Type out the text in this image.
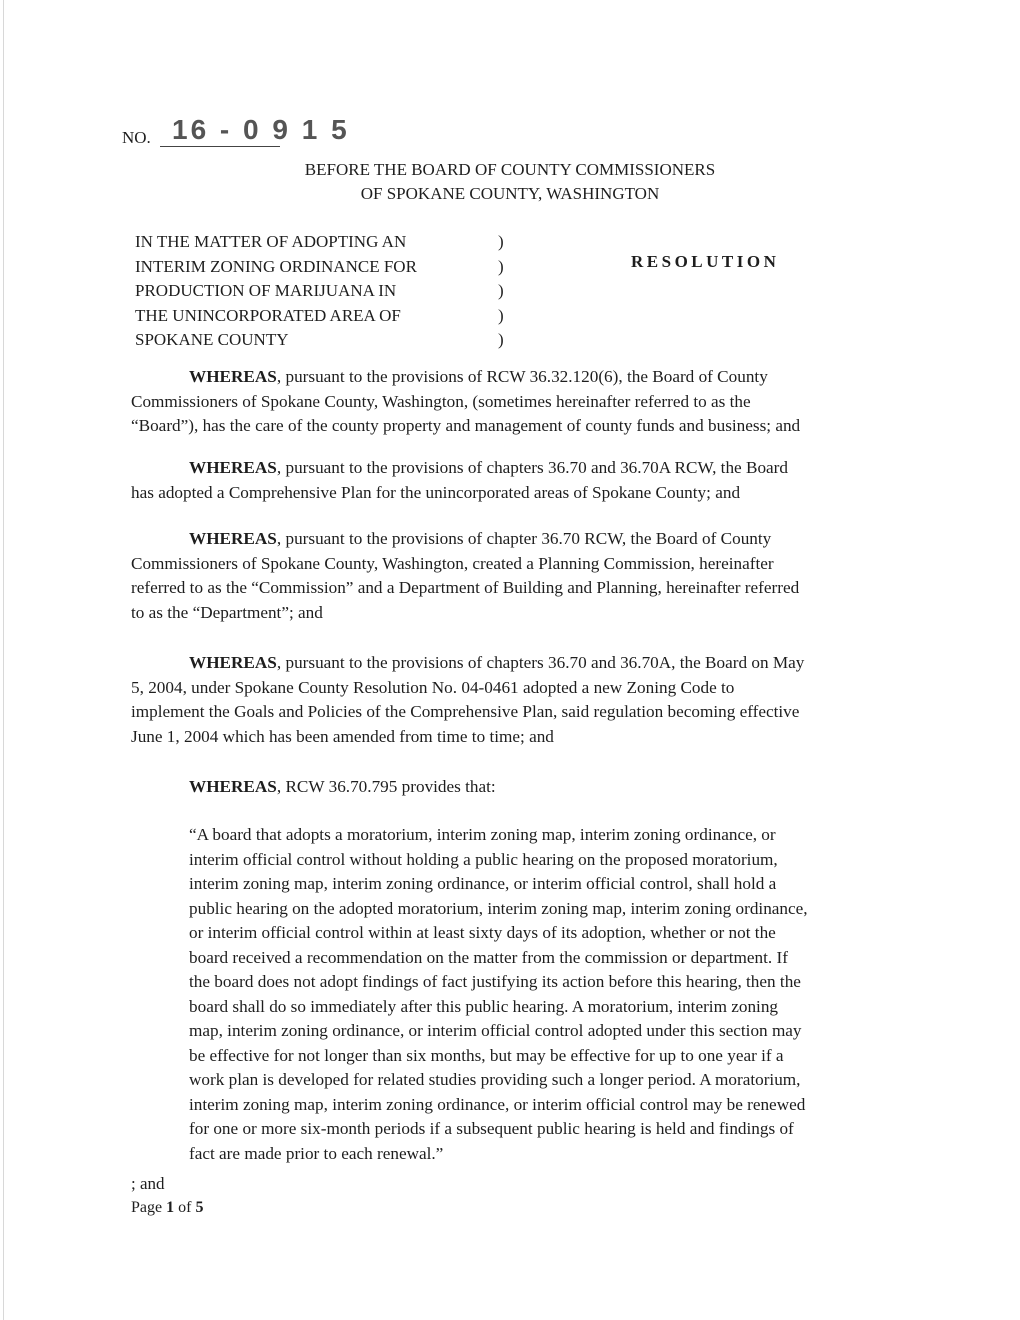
NO. 16 - 0 9 1 5
BEFORE THE BOARD OF COUNTY COMMISSIONERS
OF SPOKANE COUNTY, WASHINGTON
IN THE MATTER OF ADOPTING AN
INTERIM ZONING ORDINANCE FOR
PRODUCTION OF MARIJUANA IN
THE UNINCORPORATED AREA OF
SPOKANE COUNTY
)
)
)
)
)
RESOLUTION
WHEREAS, pursuant to the provisions of RCW 36.32.120(6), the Board of County
Commissioners of Spokane County, Washington, (sometimes hereinafter referred to as the
“Board”), has the care of the county property and management of county funds and business; and
WHEREAS, pursuant to the provisions of chapters 36.70 and 36.70A RCW, the Board
has adopted a Comprehensive Plan for the unincorporated areas of Spokane County; and
WHEREAS, pursuant to the provisions of chapter 36.70 RCW, the Board of County
Commissioners of Spokane County, Washington, created a Planning Commission, hereinafter
referred to as the “Commission” and a Department of Building and Planning, hereinafter referred
to as the “Department”; and
WHEREAS, pursuant to the provisions of chapters 36.70 and 36.70A, the Board on May
5, 2004, under Spokane County Resolution No. 04-0461 adopted a new Zoning Code to
implement the Goals and Policies of the Comprehensive Plan, said regulation becoming effective
June 1, 2004 which has been amended from time to time; and
WHEREAS, RCW 36.70.795 provides that:
“A board that adopts a moratorium, interim zoning map, interim zoning ordinance, or
interim official control without holding a public hearing on the proposed moratorium,
interim zoning map, interim zoning ordinance, or interim official control, shall hold a
public hearing on the adopted moratorium, interim zoning map, interim zoning ordinance,
or interim official control within at least sixty days of its adoption, whether or not the
board received a recommendation on the matter from the commission or department. If
the board does not adopt findings of fact justifying its action before this hearing, then the
board shall do so immediately after this public hearing. A moratorium, interim zoning
map, interim zoning ordinance, or interim official control adopted under this section may
be effective for not longer than six months, but may be effective for up to one year if a
work plan is developed for related studies providing such a longer period. A moratorium,
interim zoning map, interim zoning ordinance, or interim official control may be renewed
for one or more six-month periods if a subsequent public hearing is held and findings of
fact are made prior to each renewal.”
; and
Page 1 of 5
